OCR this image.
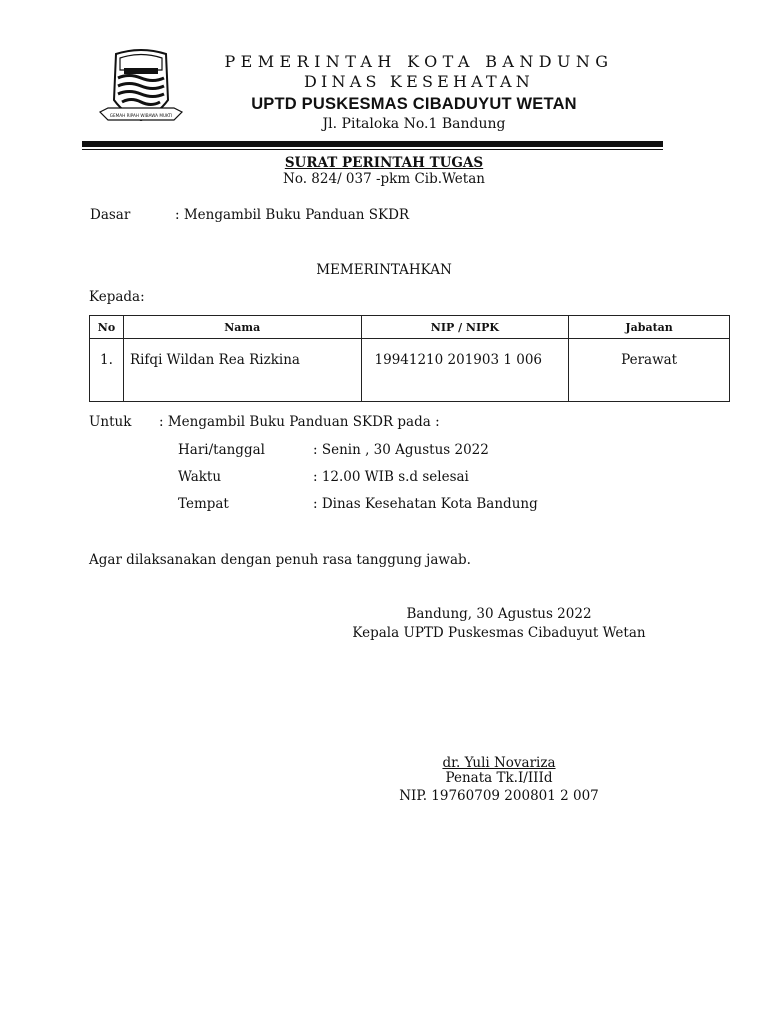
GEMAH RIPAH WIBAWA MUKTI
PEMERINTAH KOTA BANDUNG
DINAS KESEHATAN
UPTD PUSKESMAS CIBADUYUT WETAN
Jl. Pitaloka No.1 Bandung
SURAT PERINTAH TUGAS
No. 824/ 037 -pkm Cib.Wetan
Dasar	: Mengambil Buku Panduan SKDR
MEMERINTAHKAN
Kepada:
No	Nama	NIP / NIPK	Jabatan
1.	Rifqi Wildan Rea Rizkina	19941210 201903 1 006	Perawat
Untuk : Mengambil Buku Panduan SKDR pada :
Hari/tanggal	: Senin , 30 Agustus 2022
Waktu	: 12.00 WIB s.d selesai
Tempat	: Dinas Kesehatan Kota Bandung
Agar dilaksanakan dengan penuh rasa tanggung jawab.
Bandung, 30 Agustus 2022
Kepala UPTD Puskesmas Cibaduyut Wetan
dr. Yuli Novariza
Penata Tk.I/IIId
NIP. 19760709 200801 2 007
